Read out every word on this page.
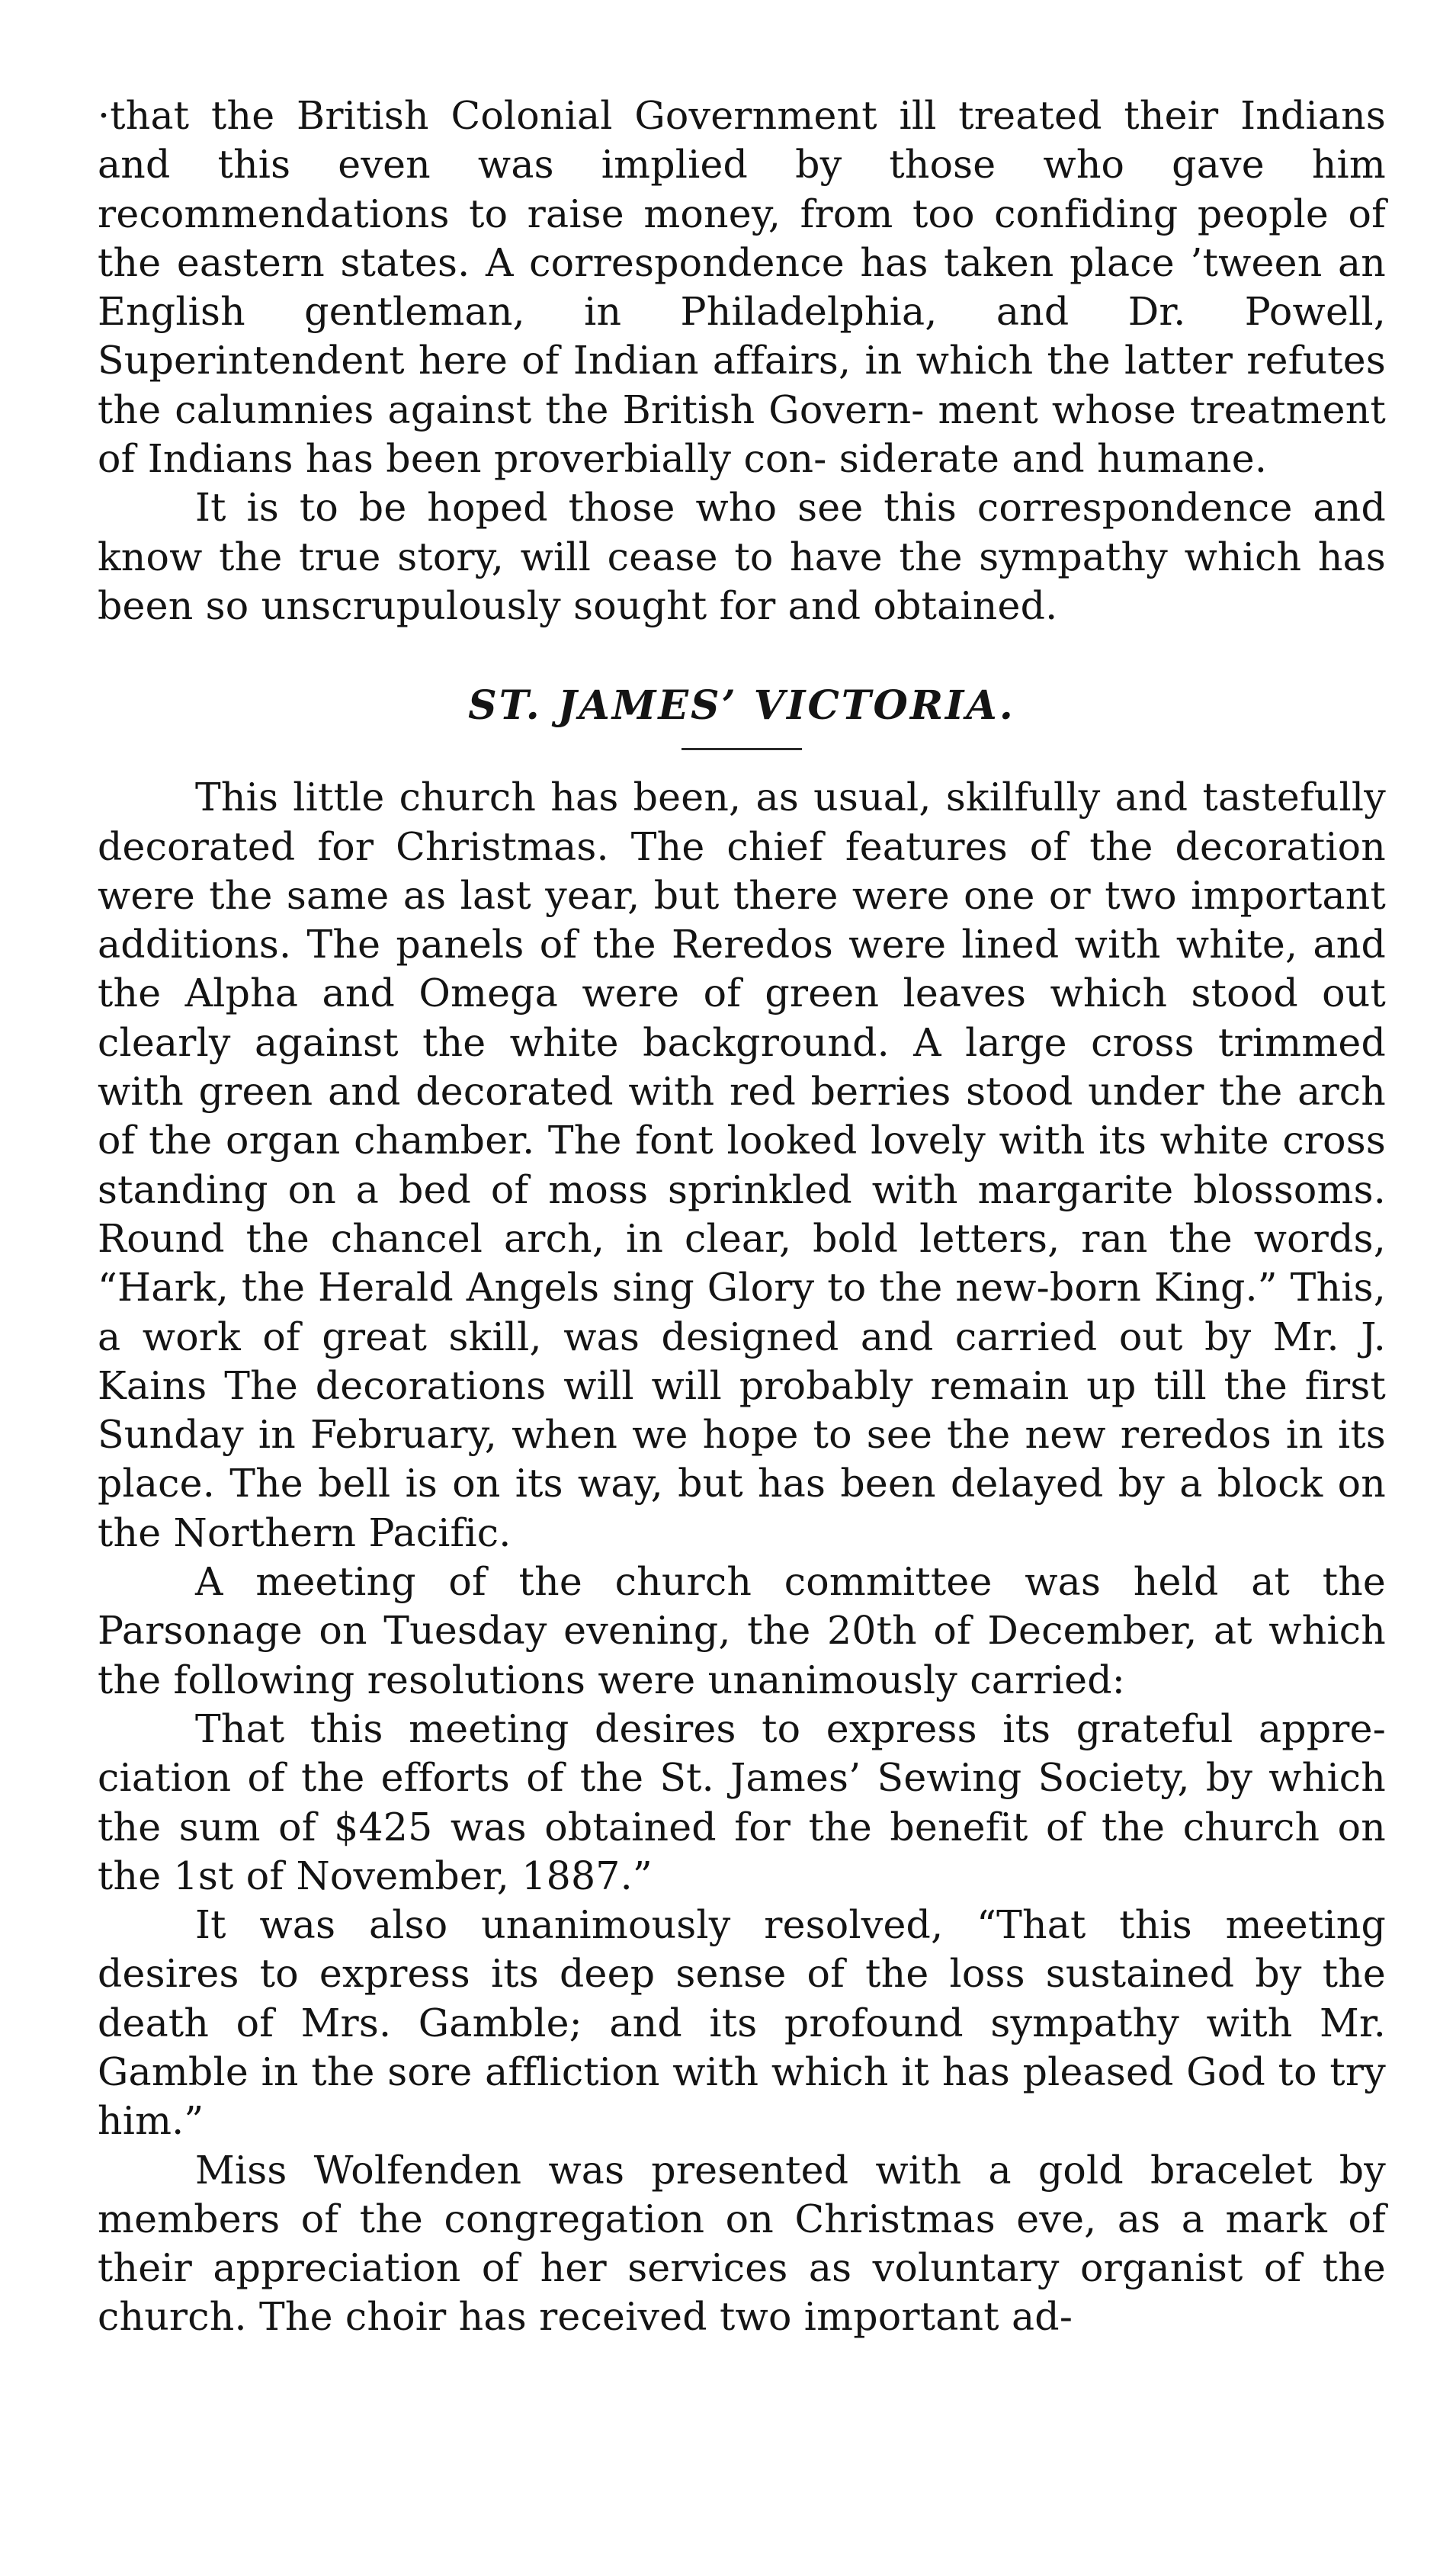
·that the British Colonial Government ill treated their Indians and this even was implied by those who gave him recommendations to raise money, from too confiding people of the eastern states. A correspondence has taken place ’tween an English gentleman, in Philadelphia, and Dr. Powell, Superintendent here of Indian affairs, in which the latter refutes the calumnies against the British Govern- ment whose treatment of Indians has been proverbially con- siderate and humane.

It is to be hoped those who see this correspondence and know the true story, will cease to have the sympathy which has been so unscrupulously sought for and obtained.

ST. JAMES’ VICTORIA.

This little church has been, as usual, skilfully and tastefully decorated for Christmas. The chief features of the decoration were the same as last year, but there were one or two important additions. The panels of the Reredos were lined with white, and the Alpha and Omega were of green leaves which stood out clearly against the white background. A large cross trimmed with green and decorated with red berries stood under the arch of the organ chamber. The font looked lovely with its white cross standing on a bed of moss sprinkled with margarite blossoms. Round the chancel arch, in clear, bold letters, ran the words, “Hark, the Herald Angels sing Glory to the new-born King.” This, a work of great skill, was designed and carried out by Mr. J. Kains The decorations will will probably remain up till the first Sunday in February, when we hope to see the new reredos in its place. The bell is on its way, but has been delayed by a block on the Northern Pacific.

A meeting of the church committee was held at the Parsonage on Tuesday evening, the 20th of December, at which the following resolutions were unanimously carried:

That this meeting desires to express its grateful appre- ciation of the efforts of the St. James’ Sewing Society, by which the sum of $425 was obtained for the benefit of the church on the 1st of November, 1887.”

It was also unanimously resolved, “That this meeting desires to express its deep sense of the loss sustained by the death of Mrs. Gamble; and its profound sympathy with Mr. Gamble in the sore affliction with which it has pleased God to try him.”

Miss Wolfenden was presented with a gold bracelet by members of the congregation on Christmas eve, as a mark of their appreciation of her services as voluntary organist of the church. The choir has received two important ad-
